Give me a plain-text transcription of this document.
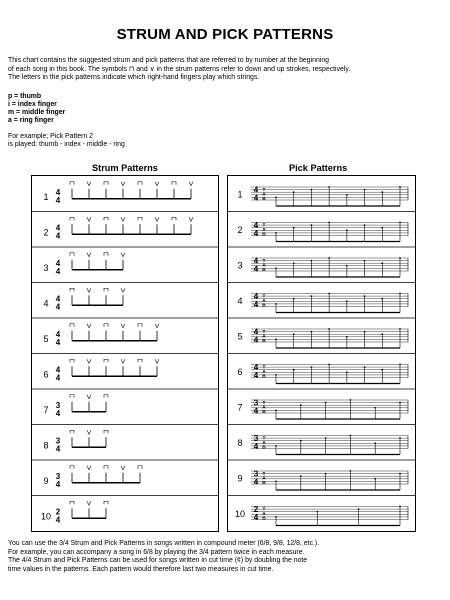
STRUM AND PICK PATTERNS
This chart contains the suggested strum and pick patterns that are referred to by number at the beginning
of each song in this book. The symbols ⊓ and ∨ in the strum patterns refer to down and up strokes, respectively.
The letters in the pick patterns indicate which right-hand fingers play which strings.
p = thumb
i = index finger
m = middle finger
a = ring finger
For example; Pick Pattern 2
is played: thumb - index - middle - ring
Strum Patterns	Pick Patterns
1 4
4
2 4
4
3 4
4
4 4
4
5 4
4
6 4
4
7 3
4
8 3
4
9 3
4
10 2
4
1 4
4
T
A
B
2 4
4
T
A
B
3 4
4
T
A
B
4 4
4
T
A
B
5 4
4
T
A
B
6 4
4
T
A
B
7 3
4
T
A
B
8 3
4
T
A
B
9 3
4
T
A
B
10 2
4
T
A
B
You can use the 3/4 Strum and Pick Patterns in songs written in compound meter (6/8, 9/8, 12/8, etc.).
For example, you can accompany a song in 6/8 by playing the 3/4 pattern twice in each measure.
The 4/4 Strum and Pick Patterns can be used for songs written in cut time (¢) by doubling the note
time values in the patterns. Each pattern would therefore last two measures in cut time.
